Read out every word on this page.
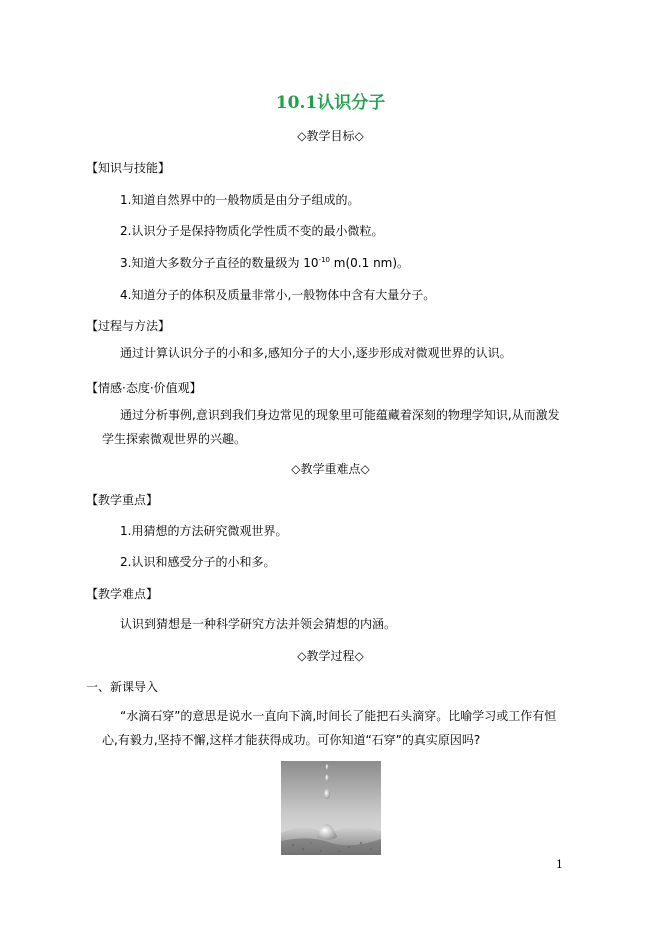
10.1认识分子
◇教学目标◇
【知识与技能】
1.知道自然界中的一般物质是由分子组成的。
2.认识分子是保持物质化学性质不变的最小微粒。
3.知道大多数分子直径的数量级为 $10^{-10}$ m(0.1 nm)。
4.知道分子的体积及质量非常小,一般物体中含有大量分子。
【过程与方法】
通过计算认识分子的小和多,感知分子的大小,逐步形成对微观世界的认识。
【情感·态度·价值观】
通过分析事例,意识到我们身边常见的现象里可能蕴藏着深刻的物理学知识,从而激发学生探索微观世界的兴趣。
◇教学重难点◇
【教学重点】
1.用猜想的方法研究微观世界。
2.认识和感受分子的小和多。
【教学难点】
认识到猜想是一种科学研究方法并领会猜想的内涵。
◇教学过程◇
一、新课导入
“水滴石穿”的意思是说水一直向下滴,时间长了能把石头滴穿。比喻学习或工作有恒心,有毅力,坚持不懈,这样才能获得成功。可你知道“石穿”的真实原因吗?
1
